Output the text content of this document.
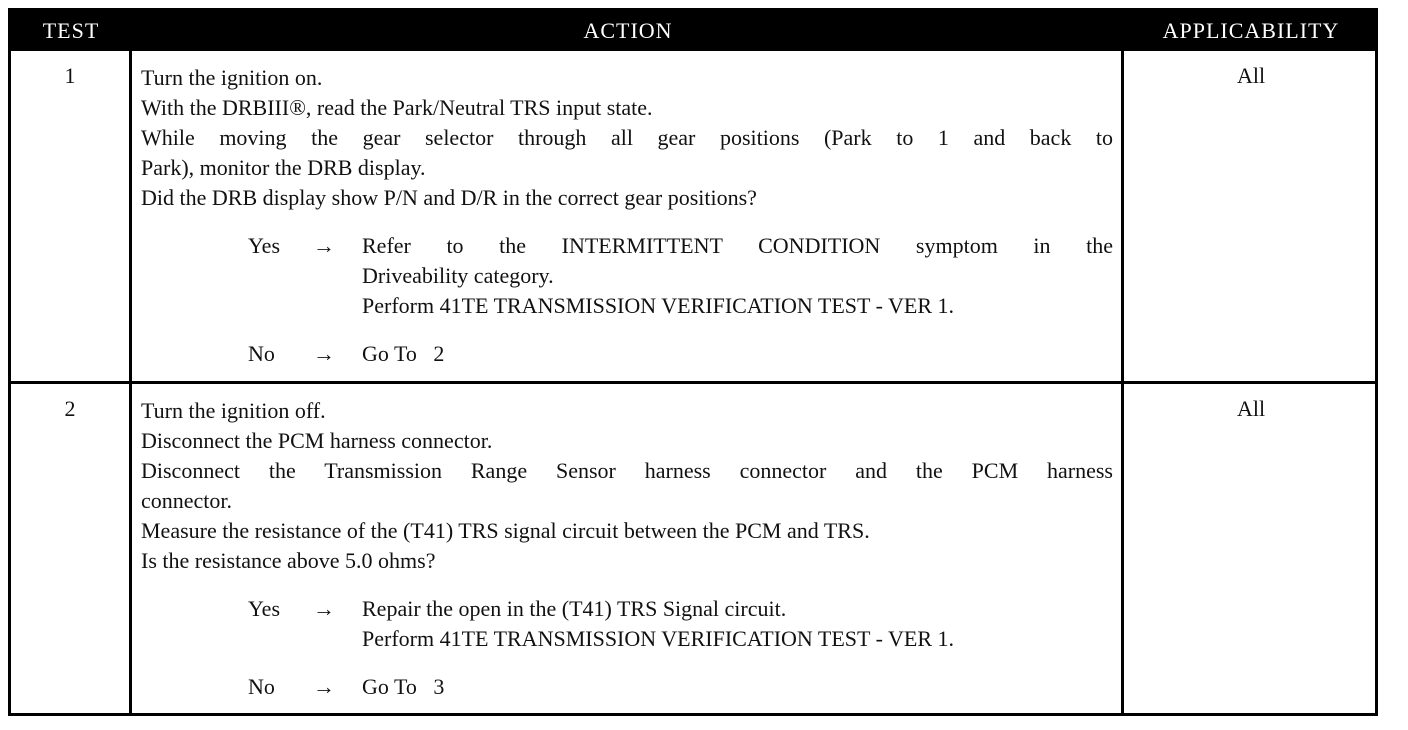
TEST	ACTION	APPLICABILITY
1	Turn the ignition on.
With the DRBIII®, read the Park/Neutral TRS input state.
While moving the gear selector through all gear positions (Park to 1 and back to
Park), monitor the DRB display.
Did the DRB display show P/N and D/R in the correct gear positions?
Yes	→ Refer to the INTERMITTENT CONDITION symptom in the
Driveability category.
Perform 41TE TRANSMISSION VERIFICATION TEST - VER 1.
No	→ Go To   2
All
2	Turn the ignition off.
Disconnect the PCM harness connector.
Disconnect the Transmission Range Sensor harness connector and the PCM harness
connector.
Measure the resistance of the (T41) TRS signal circuit between the PCM and TRS.
Is the resistance above 5.0 ohms?
Yes	→ Repair the open in the (T41) TRS Signal circuit.
Perform 41TE TRANSMISSION VERIFICATION TEST - VER 1.
No	→ Go To   3
All
